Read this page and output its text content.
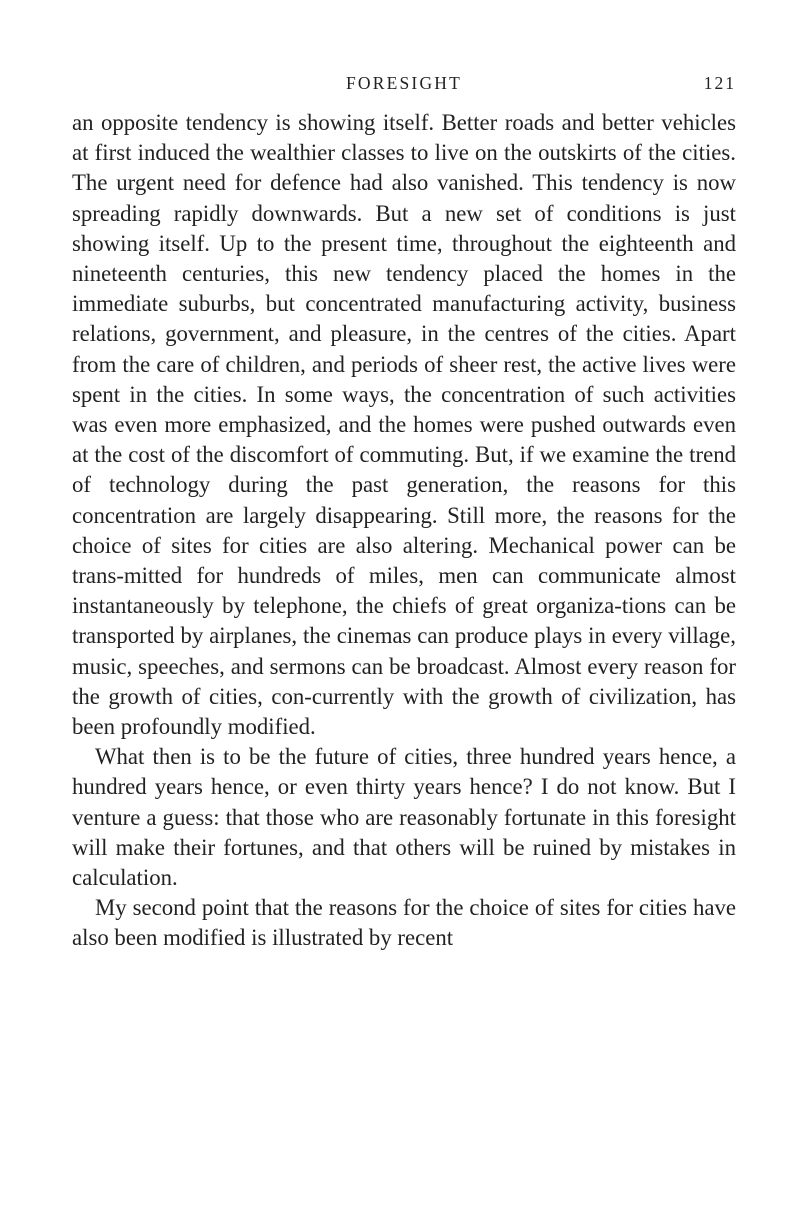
FORESIGHT	121

an opposite tendency is showing itself. Better roads and better vehicles at first induced the wealthier classes to live on the outskirts of the cities. The urgent need for defence had also vanished. This tendency is now spreading rapidly downwards. But a new set of conditions is just showing itself. Up to the present time, throughout the eighteenth and nineteenth centuries, this new tendency placed the homes in the immediate suburbs, but concentrated manufacturing activity, business relations, government, and pleasure, in the centres of the cities. Apart from the care of children, and periods of sheer rest, the active lives were spent in the cities. In some ways, the concentration of such activities was even more emphasized, and the homes were pushed outwards even at the cost of the discomfort of commuting. But, if we examine the trend of technology during the past generation, the reasons for this concentration are largely disappearing. Still more, the reasons for the choice of sites for cities are also altering. Mechanical power can be trans-mitted for hundreds of miles, men can communicate almost instantaneously by telephone, the chiefs of great organiza-tions can be transported by airplanes, the cinemas can produce plays in every village, music, speeches, and sermons can be broadcast. Almost every reason for the growth of cities, con-currently with the growth of civilization, has been profoundly modified.

What then is to be the future of cities, three hundred years hence, a hundred years hence, or even thirty years hence? I do not know. But I venture a guess: that those who are reasonably fortunate in this foresight will make their fortunes, and that others will be ruined by mistakes in calculation.

My second point that the reasons for the choice of sites for cities have also been modified is illustrated by recent
